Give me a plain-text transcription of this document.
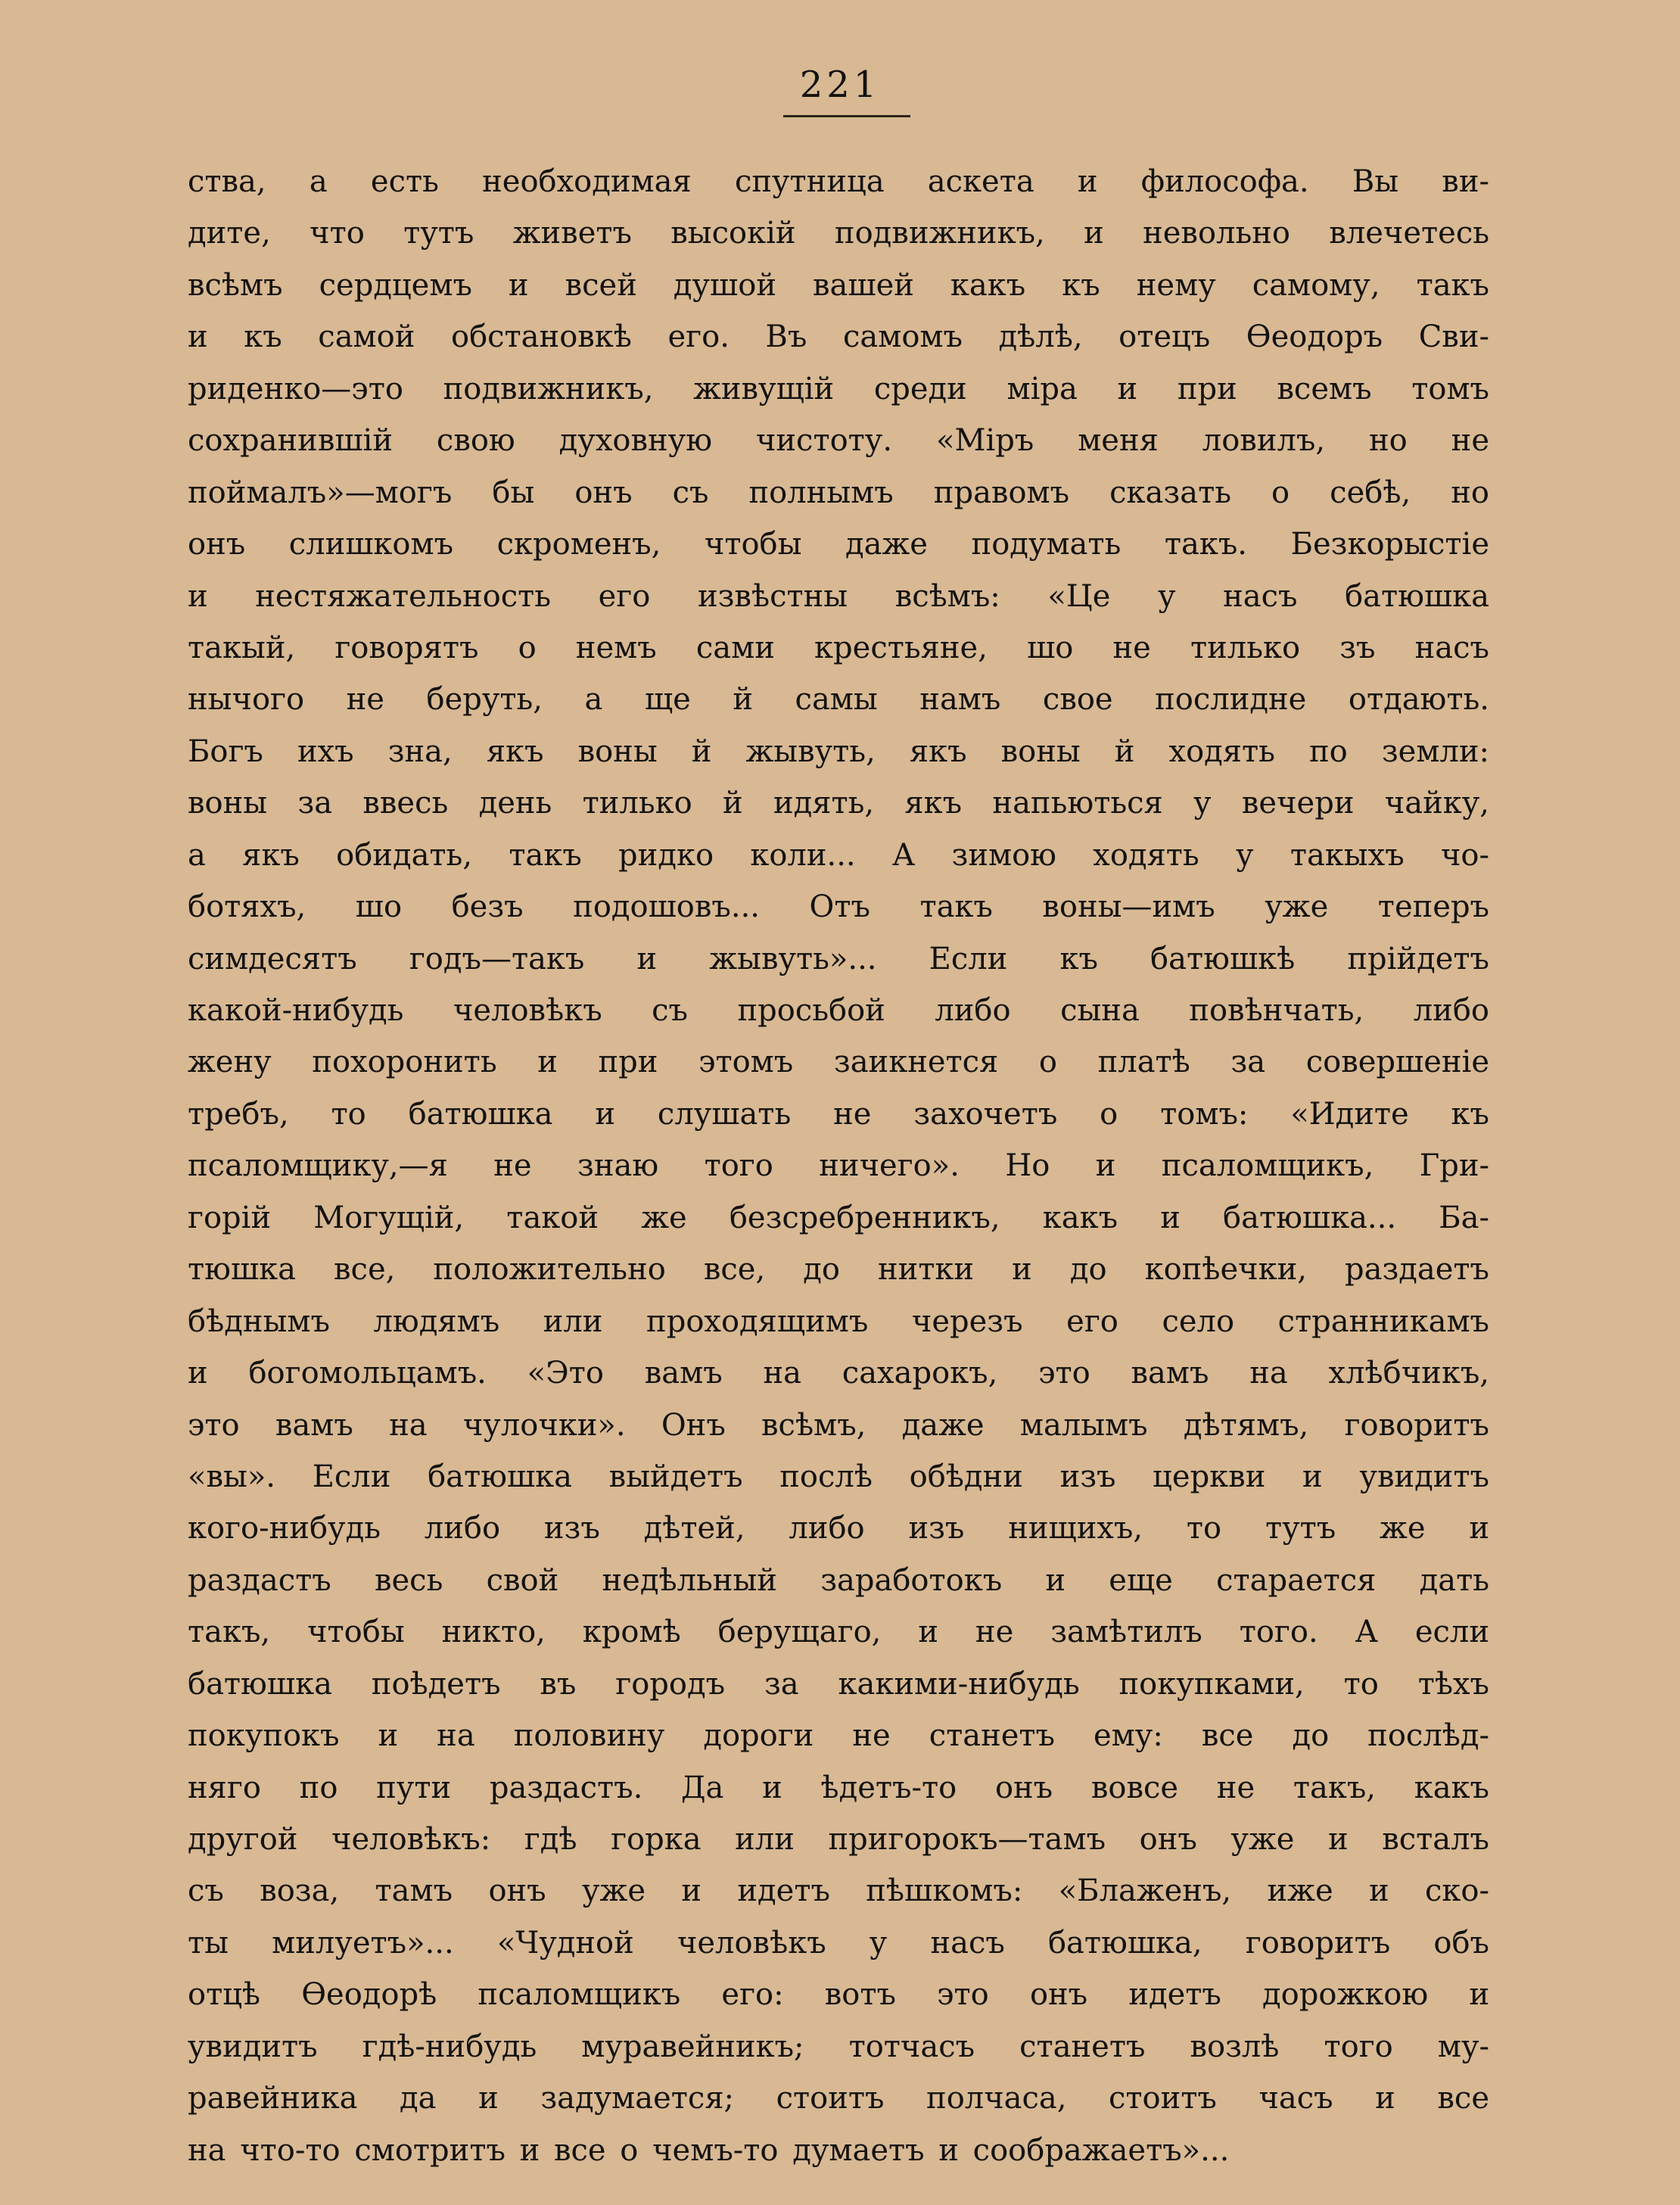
221
ства, а есть необходимая спутница аскета и философа. Вы ви-
дите, что тутъ живетъ высокій подвижникъ, и невольно влечетесь
всѣмъ сердцемъ и всей душой вашей какъ къ нему самому, такъ
и къ самой обстановкѣ его. Въ самомъ дѣлѣ, отецъ Ѳеодоръ Сви-
риденко—это подвижникъ, живущій среди міра и при всемъ томъ
сохранившій свою духовную чистоту. «Міръ меня ловилъ, но не
поймалъ»—могъ бы онъ съ полнымъ правомъ сказать о себѣ, но
онъ слишкомъ скроменъ, чтобы даже подумать такъ. Безкорыстіе
и нестяжательность его извѣстны всѣмъ: «Це у насъ батюшка
такый, говорятъ о немъ сами крестьяне, шо не тилько зъ насъ
нычого не беруть, а ще й самы намъ свое послидне отдають.
Богъ ихъ зна, якъ воны й жывуть, якъ воны й ходять по земли:
воны за ввесь день тилько й идять, якъ напьються у вечери чайку,
а якъ обидать, такъ ридко коли... А зимою ходять у такыхъ чо-
ботяхъ, шо безъ подошовъ... Отъ такъ воны—имъ уже теперъ
симдесятъ годъ—такъ и жывуть»... Если къ батюшкѣ прійдетъ
какой-нибудь человѣкъ съ просьбой либо сына повѣнчать, либо
жену похоронить и при этомъ заикнется о платѣ за совершеніе
требъ, то батюшка и слушать не захочетъ о томъ: «Идите къ
псаломщику,—я не знаю того ничего». Но и псаломщикъ, Гри-
горій Могущій, такой же безсребренникъ, какъ и батюшка... Ба-
тюшка все, положительно все, до нитки и до копѣечки, раздаетъ
бѣднымъ людямъ или проходящимъ черезъ его село странникамъ
и богомольцамъ. «Это вамъ на сахарокъ, это вамъ на хлѣбчикъ,
это вамъ на чулочки». Онъ всѣмъ, даже малымъ дѣтямъ, говоритъ
«вы». Если батюшка выйдетъ послѣ обѣдни изъ церкви и увидитъ
кого-нибудь либо изъ дѣтей, либо изъ нищихъ, то тутъ же и
раздастъ весь свой недѣльный заработокъ и еще старается дать
такъ, чтобы никто, кромѣ берущаго, и не замѣтилъ того. А если
батюшка поѣдетъ въ городъ за какими-нибудь покупками, то тѣхъ
покупокъ и на половину дороги не станетъ ему: все до послѣд-
няго по пути раздастъ. Да и ѣдетъ-то онъ вовсе не такъ, какъ
другой человѣкъ: гдѣ горка или пригорокъ—тамъ онъ уже и всталъ
съ воза, тамъ онъ уже и идетъ пѣшкомъ: «Блаженъ, иже и ско-
ты милуетъ»... «Чудной человѣкъ у насъ батюшка, говоритъ объ
отцѣ Ѳеодорѣ псаломщикъ его: вотъ это онъ идетъ дорожкою и
увидитъ гдѣ-нибудь муравейникъ; тотчасъ станетъ возлѣ того му-
равейника да и задумается; стоитъ полчаса, стоитъ часъ и все
на что-то смотритъ и все о чемъ-то думаетъ и соображаетъ»...
